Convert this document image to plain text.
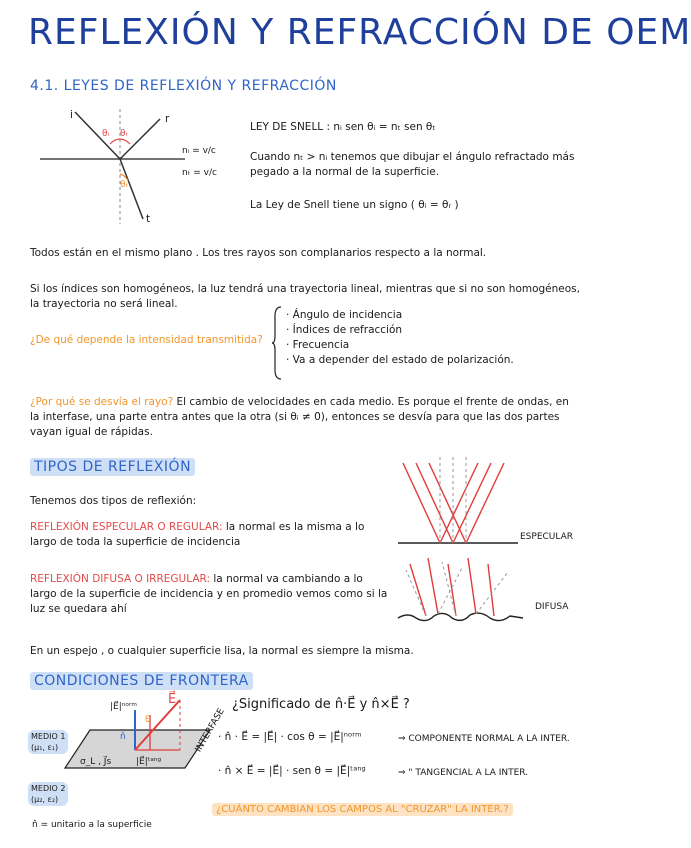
REFLEXIÓN Y REFRACCIÓN DE OEM
4.1. LEYES DE REFLEXIÓN Y REFRACCIÓN
i	r
t
θᵢ θᵣ
θₜ
nᵢ = v/c
nₜ = v/c
LEY DE SNELL : nᵢ sen θᵢ = nₜ sen θₜ
Cuando nₜ > nᵢ tenemos que dibujar el ángulo refractado más pegado a la normal de la superficie.
La Ley de Snell tiene un signo ( θᵢ = θᵣ )
Todos están en el mismo plano . Los tres rayos son complanarios respecto a la normal.
Si los índices son homogéneos, la luz tendrá una trayectoria lineal, mientras que si no son homogéneos, la trayectoria no será lineal.
¿De qué depende la intensidad transmitida?
· Ángulo de incidencia
· Índices de refracción
· Frecuencia
· Va a depender del estado de polarización.
¿Por qué se desvía el rayo? El cambio de velocidades en cada medio. Es porque el frente de ondas, en la interfase, una parte entra antes que la otra (si θᵢ ≠ 0), entonces se desvía para que las dos partes vayan igual de rápidas.
TIPOS DE REFLEXIÓN
Tenemos dos tipos de reflexión:
REFLEXIÓN ESPECULAR O REGULAR: la normal es la misma a lo largo de toda la superficie de incidencia
REFLEXIÓN DIFUSA O IRREGULAR: la normal va cambiando a lo largo de la superficie de incidencia y en promedio vemos como si la luz se quedara ahí
ESPECULAR
DIFUSA
En un espejo , o cualquier superficie lisa, la normal es siempre la misma.
CONDICIONES DE FRONTERA
|E⃗|ⁿᵒʳᵐ E⃗
θ
n̂
σ_L , J⃗s	|E⃗|ᵗᵃⁿᵍ
INTERFASE
MEDIO 1
(μ₁, ε₁)
MEDIO 2
(μ₂, ε₂)
n̂ = unitario a la superficie
¿Significado de n̂·E⃗ y n̂×E⃗ ?
· n̂ · E⃗ = |E⃗| · cos θ = |E⃗|ⁿᵒʳᵐ	⇒ COMPONENTE NORMAL A LA INTER.
· n̂ × E⃗ = |E⃗| · sen θ = |E⃗|ᵗᵃⁿᵍ	⇒ " TANGENCIAL A LA INTER.
¿CUÁNTO CAMBIAN LOS CAMPOS AL "CRUZAR" LA INTER.?
